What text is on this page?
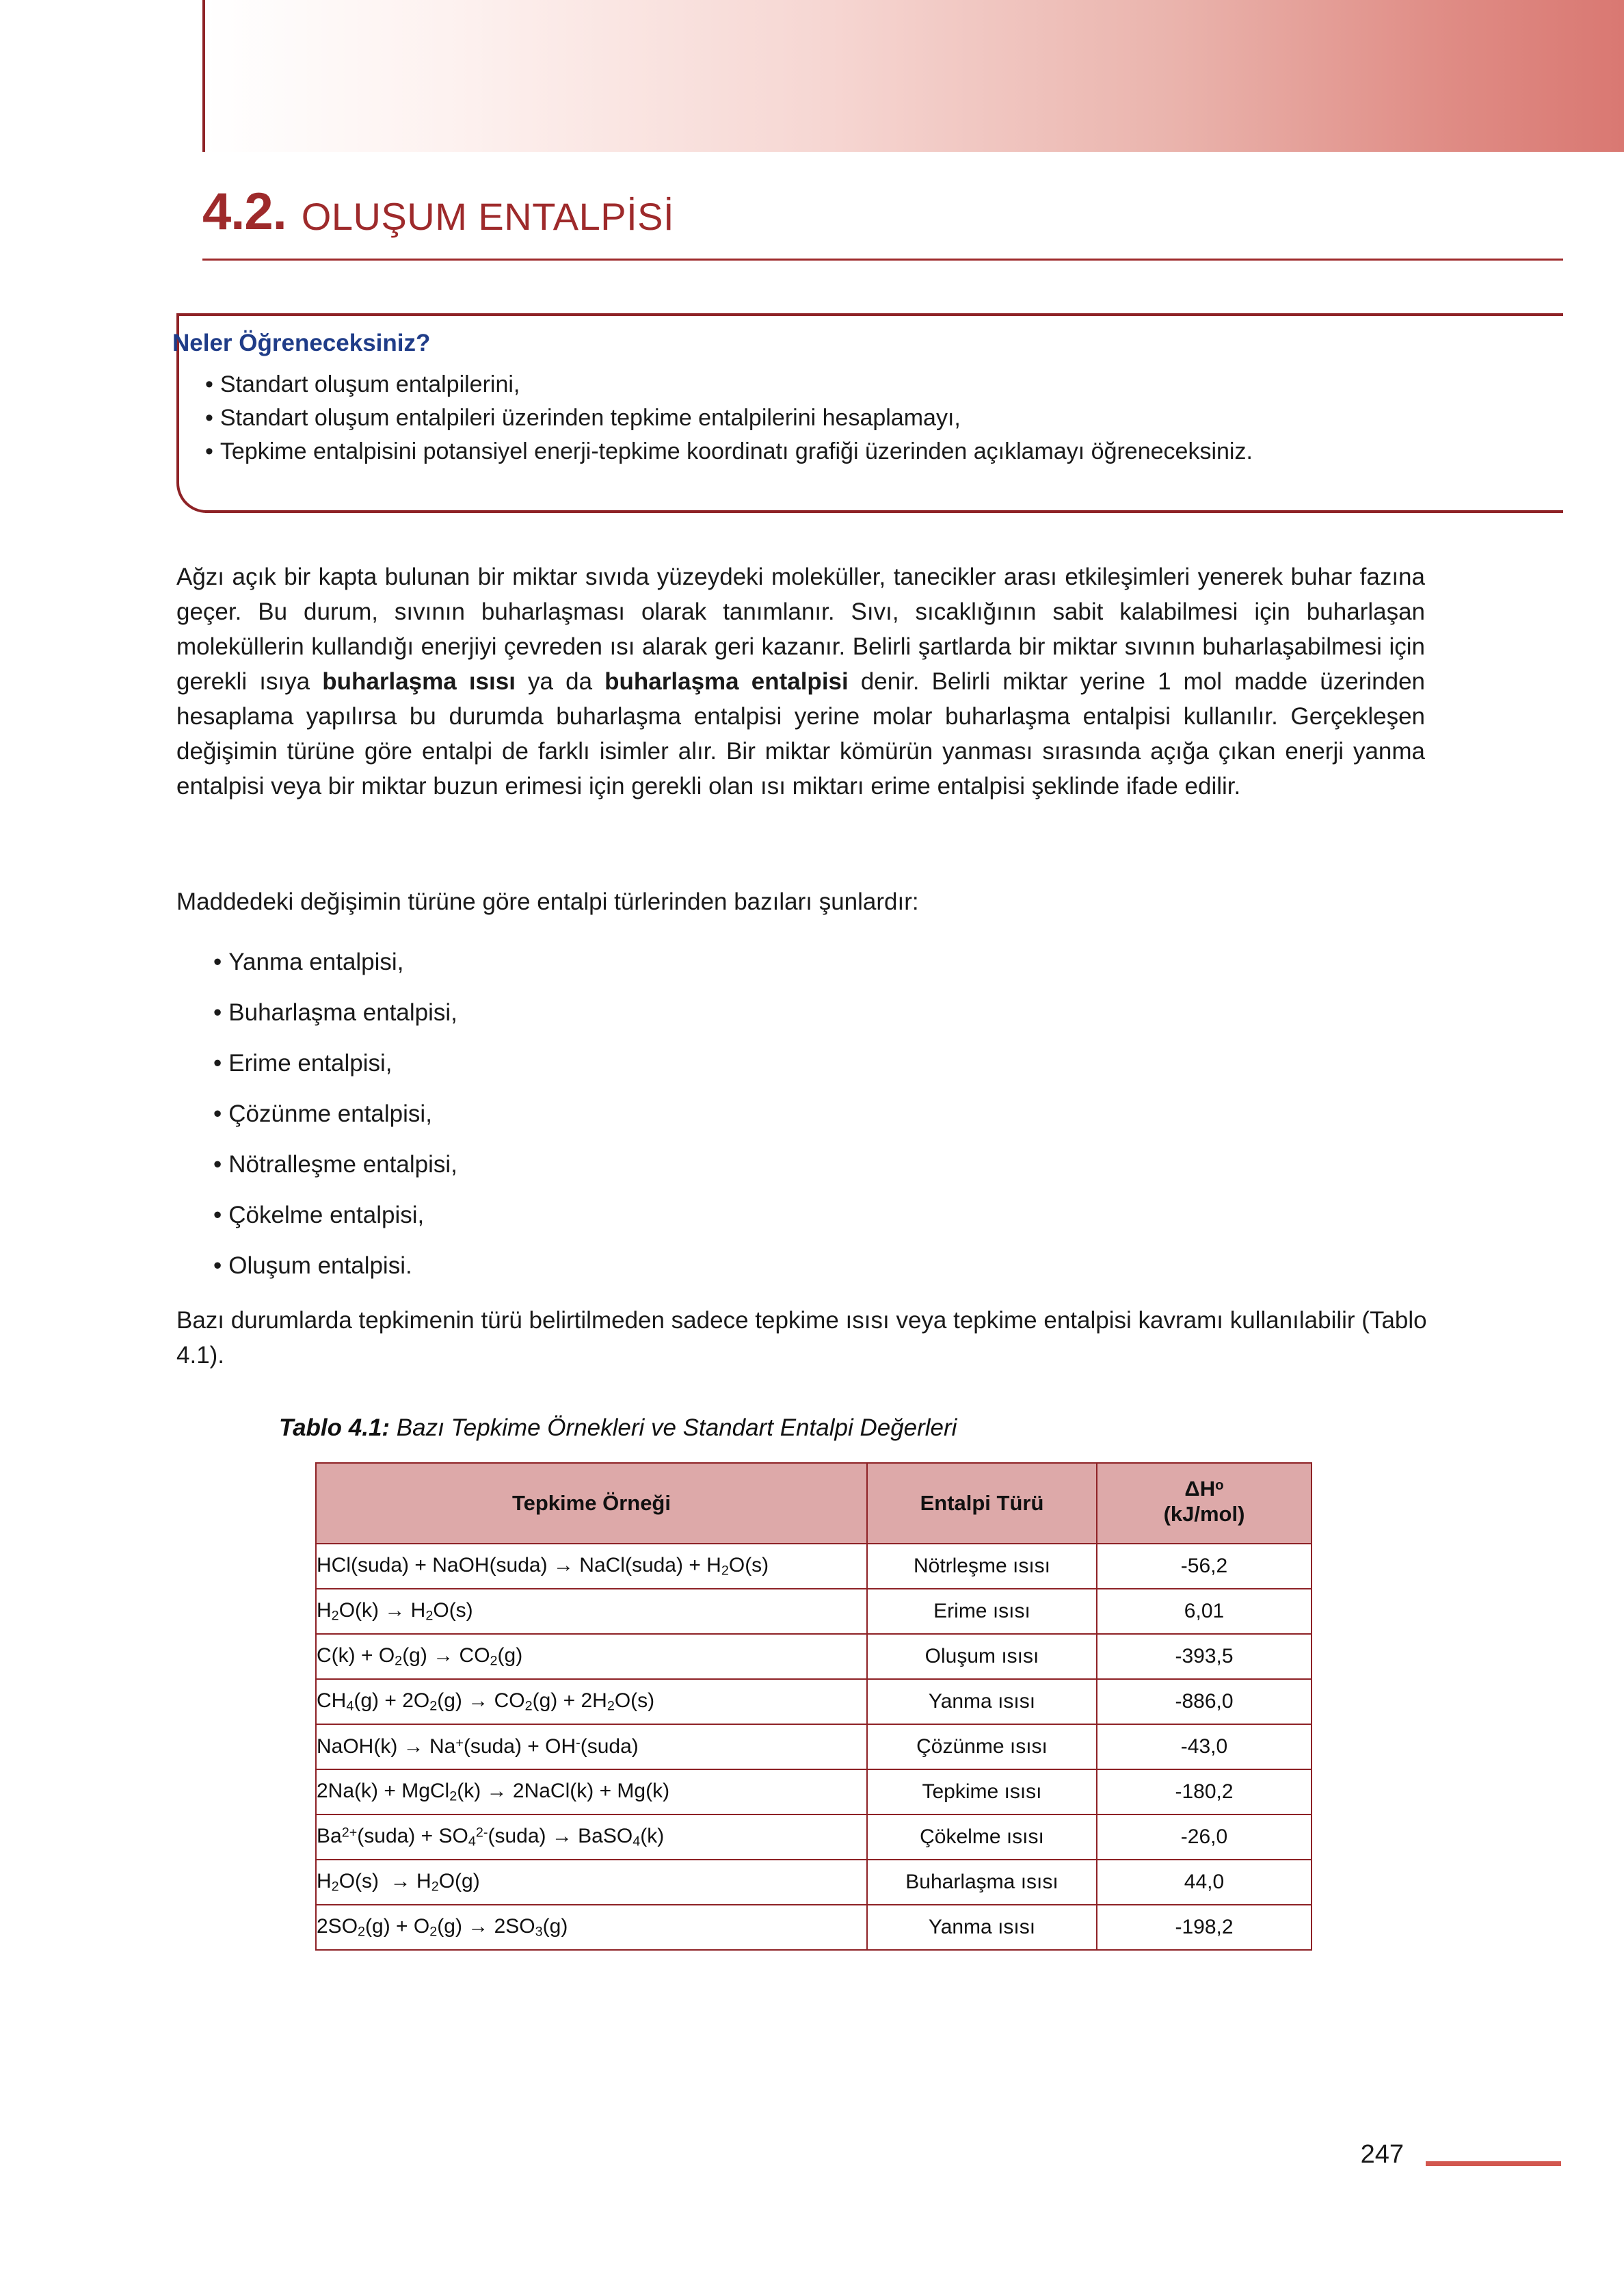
4.2. OLUŞUM ENTALPİSİ
Neler Öğreneceksiniz?
• Standart oluşum entalpilerini,
• Standart oluşum entalpileri üzerinden tepkime entalpilerini hesaplamayı,
• Tepkime entalpisini potansiyel enerji-tepkime koordinatı grafiği üzerinden açıklamayı öğreneceksiniz.

Ağzı açık bir kapta bulunan bir miktar sıvıda yüzeydeki moleküller, tanecikler arası etkileşimleri yenerek buhar fazına geçer. Bu durum, sıvının buharlaşması olarak tanımlanır. Sıvı, sıcaklığının sabit kalabilmesi için buharlaşan moleküllerin kullandığı enerjiyi çevreden ısı alarak geri kazanır. Belirli şartlarda bir miktar sıvının buharlaşabilmesi için gerekli ısıya buharlaşma ısısı ya da buharlaşma entalpisi denir. Belirli miktar yerine 1 mol madde üzerinden hesaplama yapılırsa bu durumda buharlaşma entalpisi yerine molar buharlaşma entalpisi kullanılır. Gerçekleşen değişimin türüne göre entalpi de farklı isimler alır. Bir miktar kömürün yanması sırasında açığa çıkan enerji yanma entalpisi veya bir miktar buzun erimesi için gerekli olan ısı miktarı erime entalpisi şeklinde ifade edilir.

Maddedeki değişimin türüne göre entalpi türlerinden bazıları şunlardır:

• Yanma entalpisi,
• Buharlaşma entalpisi,
• Erime entalpisi,
• Çözünme entalpisi,
• Nötralleşme entalpisi,
• Çökelme entalpisi,
• Oluşum entalpisi.

Bazı durumlarda tepkimenin türü belirtilmeden sadece tepkime ısısı veya tepkime entalpisi kavramı kullanılabilir (Tablo 4.1).

Tablo 4.1: Bazı Tepkime Örnekleri ve Standart Entalpi Değerleri
Tepkime Örneği	Entalpi Türü	$\Delta H^o$
(kJ/mol)

HCl(suda) + NaOH(suda) → NaCl(suda) + $H_2O(s)$	Nötrleşme ısısı	-56,2
$H_2O(k) \to H_2O(s)$	Erime ısısı	6,01
$C(k) + O_2(g) \to CO_2(g)$	Oluşum ısısı	-393,5
$CH_4(g) + 2O_2(g) \to CO_2(g) + 2H_2O(s)$	Yanma ısısı	-886,0
NaOH(k) → Na+(suda) + OH-(suda)	Çözünme ısısı	-43,0
2Na(k) + MgCl$_2$(k) → 2NaCl(k) + Mg(k)	Tepkime ısısı	-180,2
$Ba^{2+}(suda)$ + $SO_4^{2-}(suda)$ → BaSO$_4$(k)	Çökelme ısısı	-26,0
$H_2O(s) \to H_2O(g)$	Buharlaşma ısısı	44,0
$2SO_2(g) + O_2(g) \to 2SO_3(g)$	Yanma ısısı	-198,2
247
